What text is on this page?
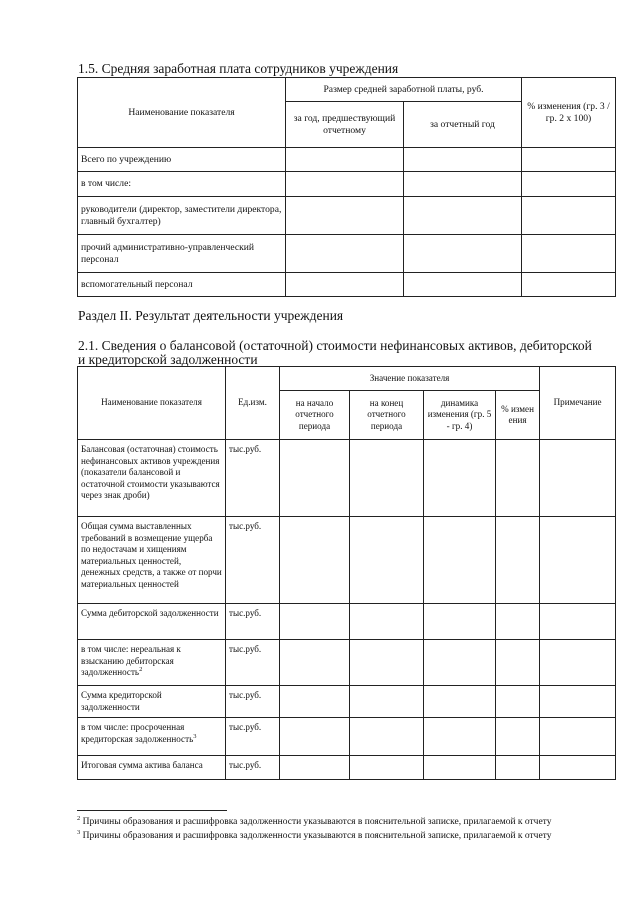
1.5. Средняя заработная плата сотрудников учреждения
Наименование показателя	Размер средней заработной платы, руб.		% изменения (гр. 3 / гр. 2 х 100)
	за год, предшествующий отчетному	за отчетный год	
Всего по учреждению			
в том числе:			
руководители (директор, заместители директора, главный бухгалтер)			
прочий административно-управленческий персонал			
вспомогательный персонал			
Раздел II. Результат деятельности учреждения
2.1. Сведения о балансовой (остаточной) стоимости нефинансовых активов, дебиторской
и кредиторской задолженности
Наименование показателя	Ед.изм.	Значение показателя				Примечание
		на начало отчетного периода	на конец отчетного периода	динамика изменения (гр. 5 - гр. 4)	% измен ения	
Балансовая (остаточная) стоимость нефинансовых активов учреждения (показатели балансовой и остаточной стоимости указываются через знак дроби)	тыс.руб.					
Общая сумма выставленных требований в возмещение ущерба по недостачам и хищениям материальных ценностей, денежных средств, а также от порчи материальных ценностей	тыс.руб.					
Сумма дебиторской задолженности	тыс.руб.					
в том числе: нереальная к взысканию дебиторская задолженность$^2$	тыс.руб.					
Сумма кредиторской задолженности	тыс.руб.					
в том числе: просроченная кредиторская задолженность$^3$	тыс.руб.					
Итоговая сумма актива баланса	тыс.руб.					
$^2$ Причины образования и расшифровка задолженности указываются в пояснительной записке, прилагаемой к отчету
$^3$ Причины образования и расшифровка задолженности указываются в пояснительной записке, прилагаемой к отчету
